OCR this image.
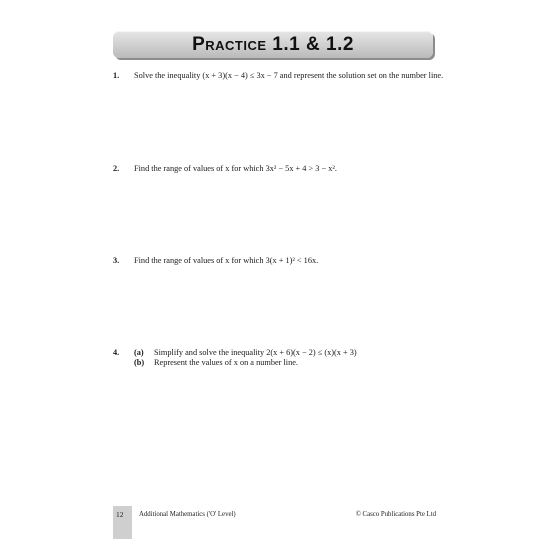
Practice 1.1 & 1.2
1. Solve the inequality (x + 3)(x − 4) ≤ 3x − 7 and represent the solution set on the number line.
2. Find the range of values of x for which 3x² − 5x + 4 > 3 − x².
3. Find the range of values of x for which 3(x + 1)² < 16x.
4. (a) Simplify and solve the inequality 2(x + 6)(x − 2) ≤ (x)(x + 3)
(b) Represent the values of x on a number line.
12 Additional Mathematics ('O' Level)	© Casco Publications Pte Ltd
